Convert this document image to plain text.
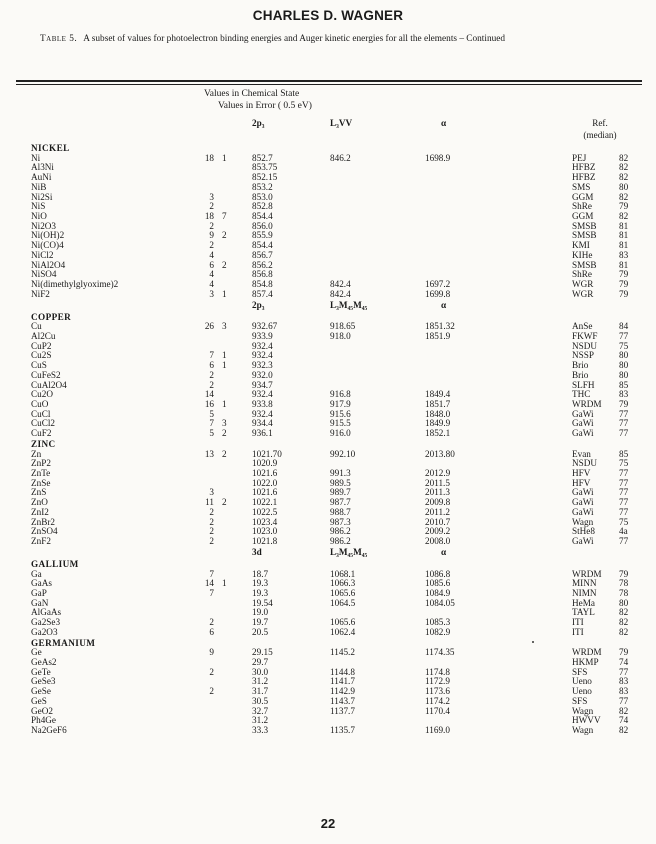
CHARLES D. WAGNER
Table 5. A subset of values for photoelectron binding energies and Auger kinetic energies for all the elements – Continued
Values in Chemical State
Values in Error ( 0.5 eV)
2p₃	L₃VV	α	Ref.
(median)
NICKEL
Ni	18 1	852.7	846.2	1698.9	PEJ	82
Al3Ni	853.75	HFBZ	82
AuNi	852.15	HFBZ	82
NiB	853.2	SMS	80
Ni2Si	3	853.0	GGM	82
NiS	2	852.8	ShRe	79
NiO	18 7	854.4	GGM	82
Ni2O3	2	856.0	SMSB 81
Ni(OH)2	9 2	855.9	SMSB 81
Ni(CO)4	2	854.4	KMI	81
NiCl2	4	856.7	KIHe	83
NiAl2O4	6 2	856.2	SMSB 81
NiSO4	4	856.8	ShRe	79
Ni(dimethylglyoxime)2	4	854.8	842.4	1697.2	WGR	79
NiF2	3 1	857.4	842.4	1699.8	WGR	79
2p₃	L₃M₄₅M₄₅	α
COPPER
Cu	26 3	932.67	918.65	1851.32	AnSe	84
Al2Cu	933.9	918.0	1851.9	FKWF 77
CuP2	932.4	NSDU 75
Cu2S	7 1	932.4	NSSP	80
CuS	6 1	932.3	Brio	80
CuFeS2	2	932.0	Brio	80
CuAl2O4	2	934.7	SLFH	85
Cu2O	14	932.4	916.8	1849.4	THC	83
CuO	16 1	933.8	917.9	1851.7	WRDM 79
CuCl	5	932.4	915.6	1848.0	GaWi	77
CuCl2	7 3	934.4	915.5	1849.9	GaWi	77
CuF2	5 2	936.1	916.0	1852.1	GaWi	77
ZINC
Zn	13 2	1021.70	992.10	2013.80	Evan	85
ZnP2	1020.9	NSDU 75
ZnTe	1021.6	991.3	2012.9	HFV	77
ZnSe	1022.0	989.5	2011.5	HFV	77
ZnS	3	1021.6	989.7	2011.3	GaWi	77
ZnO	11 2	1022.1	987.7	2009.8	GaWi	77
ZnI2	2	1022.5	988.7	2011.2	GaWi	77
ZnBr2	2	1023.4	987.3	2010.7	Wagn	75
ZnSO4	2	1023.0	986.2	2009.2	StHe8	4a
ZnF2	2	1021.8	986.2	2008.0	GaWi	77
3d	L₃M₄₅M₄₅	α
GALLIUM
Ga	7	18.7	1068.1	1086.8	WRDM 79
GaAs	14 1	19.3	1066.3	1085.6	MINN 78
GaP	7	19.3	1065.6	1084.9	NIMN 78
GaN	19.54	1064.5	1084.05	HeMa	80
AlGaAs	19.0	TAYL	82
Ga2Se3	2	19.7	1065.6	1085.3	ITI	82
Ga2O3	6	20.5	1062.4	1082.9	ITI	82
GERMANIUM
Ge	9	29.15	1145.2	1174.35	WRDM 79
GeAs2	29.7	HKMP 74
GeTe	2	30.0	1144.8	1174.8	SFS	77
GeSe3	31.2	1141.7	1172.9	Ueno	83
GeSe	2	31.7	1142.9	1173.6	Ueno	83
GeS	30.5	1143.7	1174.2	SFS	77
GeO2	32.7	1137.7	1170.4	Wagn	82
Ph4Ge	31.2	HWVV 74
Na2GeF6	33.3	1135.7	1169.0	Wagn	82
22
